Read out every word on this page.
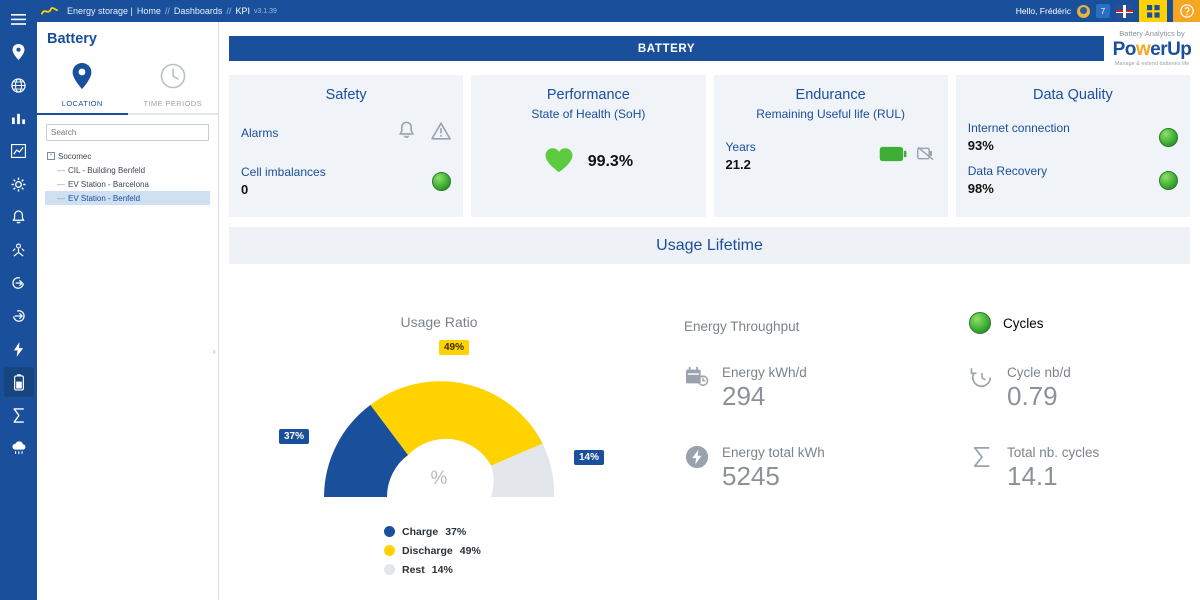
Energy storage | Home // Dashboards // KPI v3.1.39	Hello, Frédéric	7
Battery
LOCATION	TIME PERIODS
Search
- Socomec
— CIL - Building Benfeld
— EV Station - Barcelona
— EV Station - Benfeld
‹
BATTERY
Battery Analytics by
PowerUp
Manage & extend batteries life
Safety
Alarms
Cell imbalances
0
Performance
State of Health (SoH)
99.3%
Endurance
Remaining Useful life (RUL)
Years
21.2
Data Quality
Internet connection
93%
Data Recovery
98%
Usage Lifetime
Usage Ratio
49%
37%
14%
%
Charge 37%
Discharge 49%
Rest 14%
Energy Throughput
Energy kWh/d
294
Energy total kWh
5245
Cycles
Cycle nb/d
0.79
Total nb. cycles
14.1
